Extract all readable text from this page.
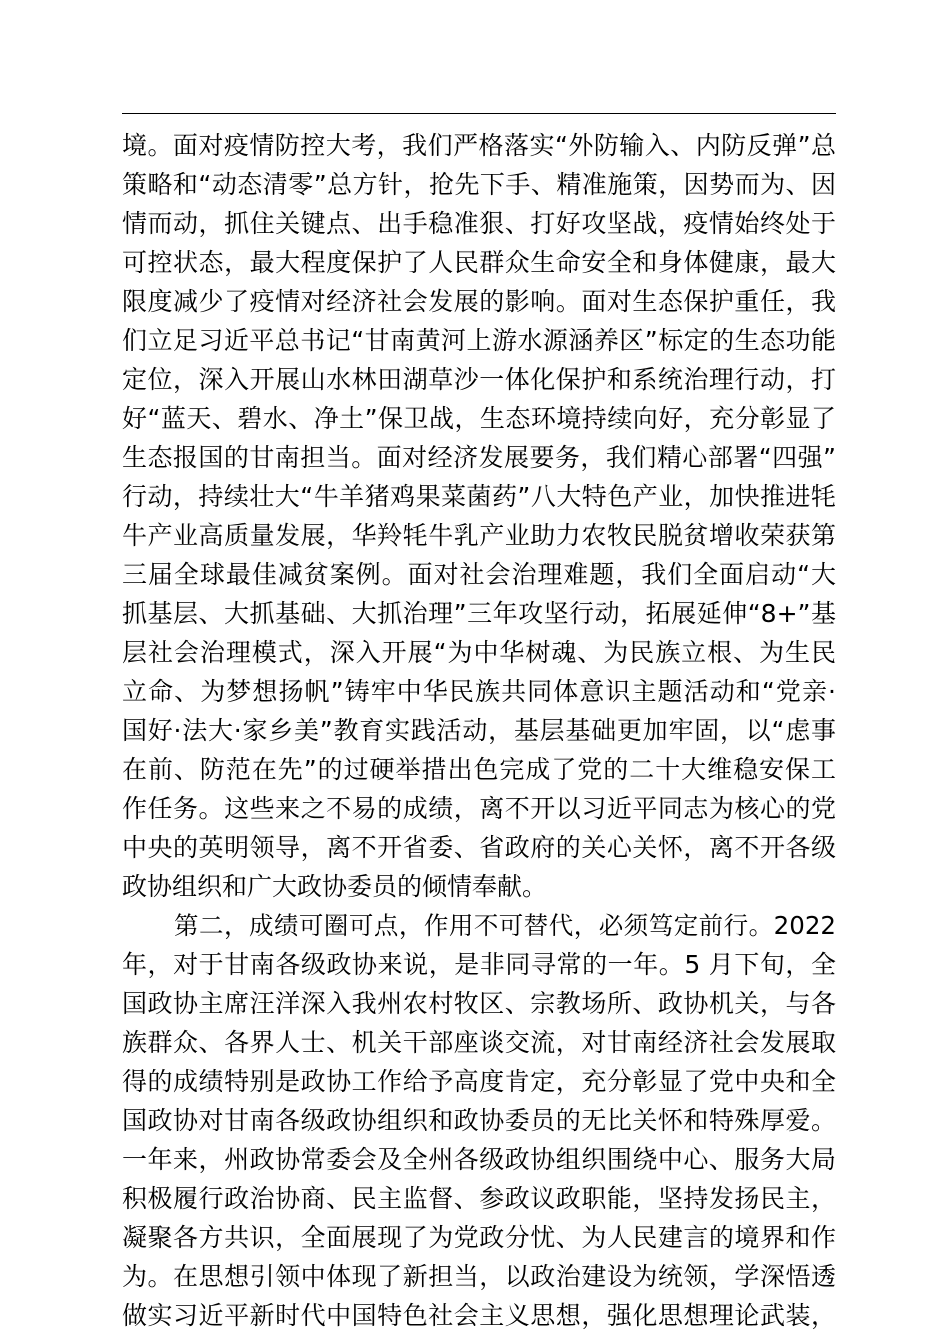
境。面对疫情防控大考，我们严格落实“外防输入、内防反弹”总
策略和“动态清零”总方针，抢先下手、精准施策，因势而为、因
情而动，抓住关键点、出手稳准狠、打好攻坚战，疫情始终处于
可控状态，最大程度保护了人民群众生命安全和身体健康，最大
限度减少了疫情对经济社会发展的影响。面对生态保护重任，我
们立足习近平总书记“甘南黄河上游水源涵养区”标定的生态功能
定位，深入开展山水林田湖草沙一体化保护和系统治理行动，打
好“蓝天、碧水、净土”保卫战，生态环境持续向好，充分彰显了
生态报国的甘南担当。面对经济发展要务，我们精心部署“四强”
行动，持续壮大“牛羊猪鸡果菜菌药”八大特色产业，加快推进牦
牛产业高质量发展，华羚牦牛乳产业助力农牧民脱贫增收荣获第
三届全球最佳减贫案例。面对社会治理难题，我们全面启动“大
抓基层、大抓基础、大抓治理”三年攻坚行动，拓展延伸“8+”基
层社会治理模式，深入开展“为中华树魂、为民族立根、为生民
立命、为梦想扬帆”铸牢中华民族共同体意识主题活动和“党亲·
国好·法大·家乡美”教育实践活动，基层基础更加牢固，以“虑事
在前、防范在先”的过硬举措出色完成了党的二十大维稳安保工
作任务。这些来之不易的成绩，离不开以习近平同志为核心的党
中央的英明领导，离不开省委、省政府的关心关怀，离不开各级
政协组织和广大政协委员的倾情奉献。
第二，成绩可圈可点，作用不可替代，必须笃定前行。2022
年，对于甘南各级政协来说，是非同寻常的一年。5 月下旬，全
国政协主席汪洋深入我州农村牧区、宗教场所、政协机关，与各
族群众、各界人士、机关干部座谈交流，对甘南经济社会发展取
得的成绩特别是政协工作给予高度肯定，充分彰显了党中央和全
国政协对甘南各级政协组织和政协委员的无比关怀和特殊厚爱。
一年来，州政协常委会及全州各级政协组织围绕中心、服务大局
积极履行政治协商、民主监督、参政议政职能，坚持发扬民主，
凝聚各方共识，全面展现了为党政分忧、为人民建言的境界和作
为。在思想引领中体现了新担当，以政治建设为统领，学深悟透
做实习近平新时代中国特色社会主义思想，强化思想理论武装，
